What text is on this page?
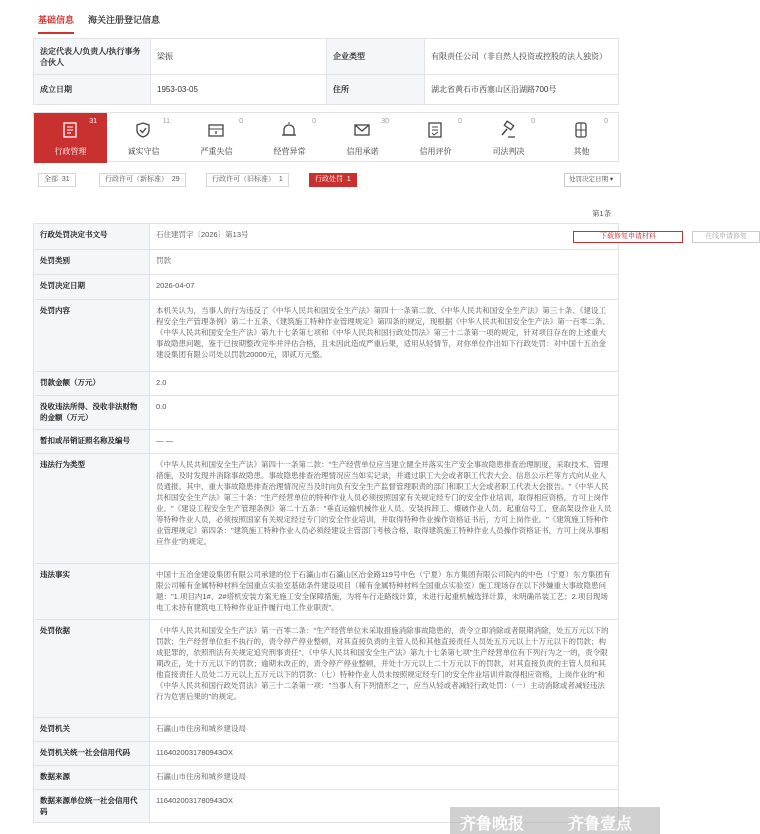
基础信息 海关注册登记信息
法定代表人/负责人/执行事务合伙人	梁振	企业类型	有限责任公司（非自然人投资或控股的法人独资）
成立日期	1953-03-05	住所	湖北省黄石市西塞山区沿湖路700号
31
行政管理
11
诚实守信
0
严重失信
0
经营异常
30
信用承诺
0
信用评价
0
司法判决
0
其他
全部 31	行政许可（新标准） 29	行政许可（旧标准） 1	行政处罚 1	处罚决定日期 ▾
第1条
行政处罚决定书文号	石住建罚字〔2026〕第13号 下载修复申请材料 在线申请修复

处罚类别	罚款
处罚决定日期	2026-04-07
处罚内容	本机关认为，当事人的行为违反了《中华人民共和国安全生产法》第四十一条第二款、《中华人民共和国安全生产法》第三十条、《建设工程安全生产管理条例》第二十五条、《建筑施工特种作业管理规定》第四条的规定，现根据《中华人民共和国安全生产法》第一百零二条、《中华人民共和国安全生产法》第九十七条第七项和《中华人民共和国行政处罚法》第三十二条第一项的规定，针对项目存在的上述重大事故隐患问题，鉴于已按期整改完毕并评估合格，且未因此造成严重后果，适用从轻情节，对你单位作出如下行政处罚：对中国十五冶金建设集团有限公司处以罚款20000元，即贰万元整。
罚款金额（万元）	2.0
没收违法所得、没收非法财物的金额（万元）	0.0
暂扣或吊销证照名称及编号	— —
违法行为类型	《中华人民共和国安全生产法》第四十一条第二款："生产经营单位应当建立健全并落实生产安全事故隐患排查治理制度，采取技术、管理措施，及时发现并消除事故隐患。事故隐患排查治理情况应当如实记录，并通过职工大会或者职工代表大会、信息公示栏等方式向从业人员通报。其中，重大事故隐患排查治理情况应当及时向负有安全生产监督管理职责的部门和职工大会或者职工代表大会报告。"《中华人民共和国安全生产法》第三十条："生产经营单位的特种作业人员必须按照国家有关规定经专门的安全作业培训，取得相应资格，方可上岗作业。"《建设工程安全生产管理条例》第二十五条："垂直运输机械作业人员、安装拆卸工、爆破作业人员、起重信号工、登高架设作业人员等特种作业人员，必须按照国家有关规定经过专门的安全作业培训，并取得特种作业操作资格证书后，方可上岗作业。"《建筑施工特种作业管理规定》第四条："建筑施工特种作业人员必须经建设主管部门考核合格，取得建筑施工特种作业人员操作资格证书，方可上岗从事相应作业"的规定。
违法事实	中国十五冶金建设集团有限公司承建的位于石瀛山市石瀛山区冶金路119号中色（宁夏）东方集团有限公司院内的中色（宁夏）东方集团有限公司稀有金属特种材料全国重点实验室基础条件建设项目（稀有金属特种材料全国重点实验室）施工现场存在以下涉嫌重大事故隐患问题："1.项目内1#、2#塔机安装方案无施工安全保障措施，为将车行走路线计算，未进行起重机械选择计算，未明确吊装工艺；2.项目现场电工未持有建筑电工特种作业证件履行电工作业职责"。
处罚依据	《中华人民共和国安全生产法》第一百零二条："生产经营单位未采取措施消除事故隐患的，责令立即消除或者限期消除，处五万元以下的罚款；生产经营单位拒不执行的，责令停产停业整顿，对其直接负责的主管人员和其他直接责任人员处五万元以上十万元以下的罚款；构成犯罪的，依照刑法有关规定追究刑事责任"、《中华人民共和国安全生产法》第九十七条第七项"生产经营单位有下列行为之一的，责令限期改正，处十万元以下的罚款；逾期未改正的，责令停产停业整顿，并处十万元以上二十万元以下的罚款，对其直接负责的主管人员和其他直接责任人员处二万元以上五万元以下的罚款：（七）特种作业人员未按照规定经专门的安全作业培训并取得相应资格，上岗作业的"和《中华人民共和国行政处罚法》第三十二条第一项："当事人有下列情形之一，应当从轻或者减轻行政处罚：（一）主动消除或者减轻违法行为危害后果的"的规定。
处罚机关	石瀛山市住房和城乡建设局
处罚机关统一社会信用代码	1164020031780943OX
数据来源	石瀛山市住房和城乡建设局
数据来源单位统一社会信用代码	1164020031780943OX
齐鲁晚报	齐鲁壹点
